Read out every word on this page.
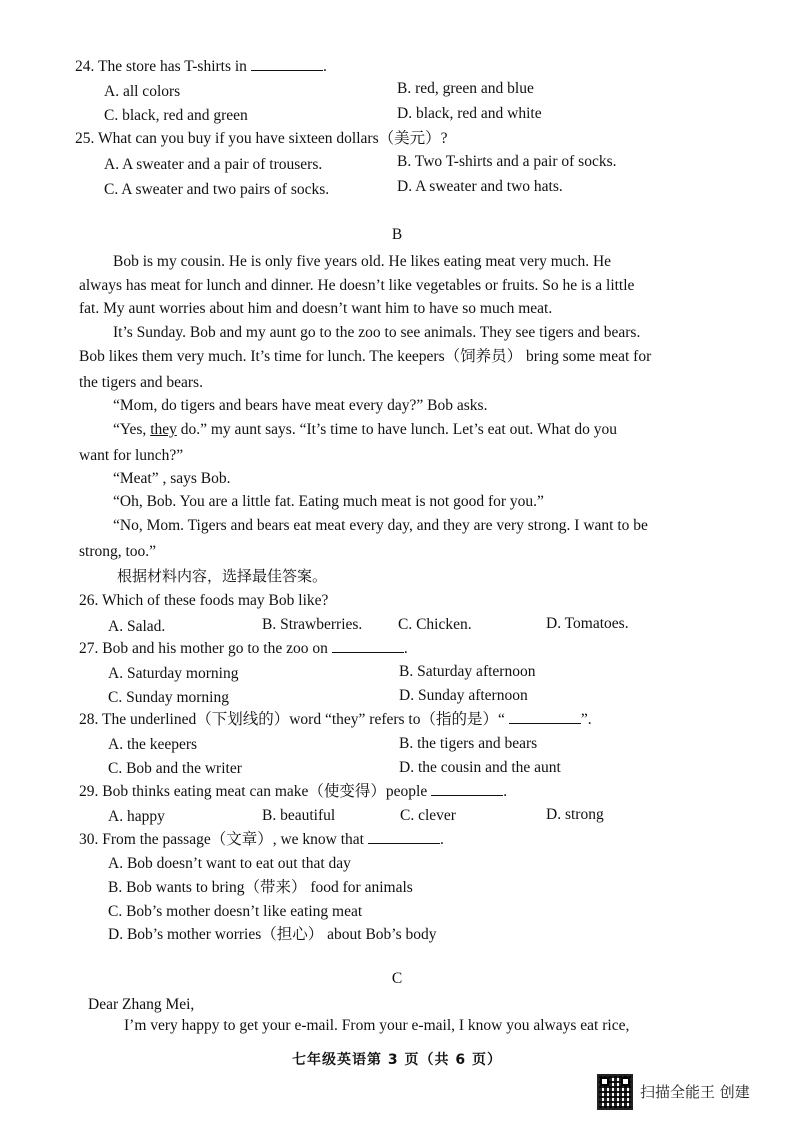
24. The store has T-shirts in	.
A. all colors	B. red, green and blue
C. black, red and green	D. black, red and white
25. What can you buy if you have sixteen dollars（美元）?
A. A sweater and a pair of trousers.	B. Two T-shirts and a pair of socks.
C. A sweater and two pairs of socks.	D. A sweater and two hats.
B
Bob is my cousin. He is only five years old. He likes eating meat very much. He
always has meat for lunch and dinner. He doesn’t like vegetables or fruits. So he is a little
fat. My aunt worries about him and doesn’t want him to have so much meat.
It’s Sunday. Bob and my aunt go to the zoo to see animals. They see tigers and bears.
Bob likes them very much. It’s time for lunch. The keepers（饲养员） bring some meat for
the tigers and bears.
“Mom, do tigers and bears have meat every day?” Bob asks.
“Yes, they do.” my aunt says. “It’s time to have lunch. Let’s eat out. What do you
want for lunch?”
“Meat” , says Bob.
“Oh, Bob. You are a little fat. Eating much meat is not good for you.”
“No, Mom. Tigers and bears eat meat every day, and they are very strong. I want to be
strong, too.”
根据材料内容，选择最佳答案。
26. Which of these foods may Bob like?
A. Salad.	B. Strawberries. C. Chicken.	D. Tomatoes.
27. Bob and his mother go to the zoo on	.
A. Saturday morning	B. Saturday afternoon
C. Sunday morning	D. Sunday afternoon
28. The underlined（下划线的）word “they” refers to（指的是）“	”.
A. the keepers	B. the tigers and bears
C. Bob and the writer	D. the cousin and the aunt
29. Bob thinks eating meat can make（使变得）people	.
A. happy	B. beautiful	C. clever	D. strong
30. From the passage（文章）, we know that	.
A. Bob doesn’t want to eat out that day
B. Bob wants to bring（带来） food for animals
C. Bob’s mother doesn’t like eating meat
D. Bob’s mother worries（担心） about Bob’s body
C
Dear Zhang Mei,
I’m very happy to get your e-mail. From your e-mail, I know you always eat rice,
七年级英语第 3 页（共 6 页）
扫描全能王 创建
